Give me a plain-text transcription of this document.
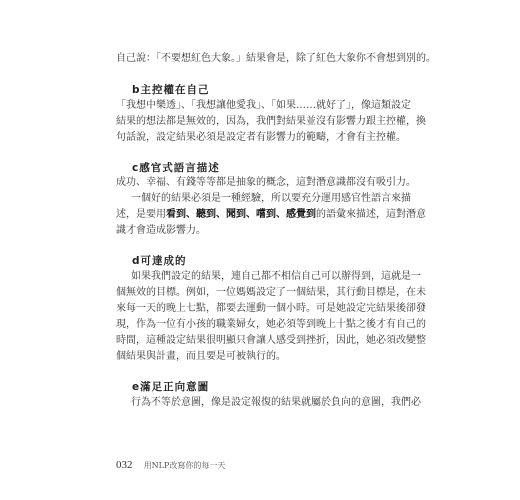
自己說：「不要想紅色大象。」結果會是，除了紅色大象你不會想到別的。
b主控權在自己
「我想中樂透」、「我想讓他愛我」、「如果……就好了」，像這類設定
結果的想法都是無效的，因為，我們對結果並沒有影響力跟主控權，換
句話說，設定結果必須是設定者有影響力的範疇，才會有主控權。
c感官式語言描述
成功、幸福、有錢等等都是抽象的概念，這對潛意識都沒有吸引力。
一個好的結果必須是一種經驗，所以要充分運用感官性語言來描
述，是要用看到、聽到、聞到、嚐到、感覺到的語彙來描述，這對潛意
識才會造成影響力。
d可達成的
如果我們設定的結果，連自己都不相信自己可以辦得到，這就是一
個無效的目標。例如，一位媽媽設定了一個結果，其行動目標是，在未
來每一天的晚上七點，都要去運動一個小時。可是她設定完結果後卻發
現，作為一位有小孩的職業婦女，她必須等到晚上十點之後才有自己的
時間，這種設定結果很明顯只會讓人感受到挫折，因此，她必須改變整
個結果與計畫，而且要是可被執行的。
e滿足正向意圖
行為不等於意圖，像是設定報復的結果就屬於負向的意圖，我們必
032 用NLP改寫你的每一天
